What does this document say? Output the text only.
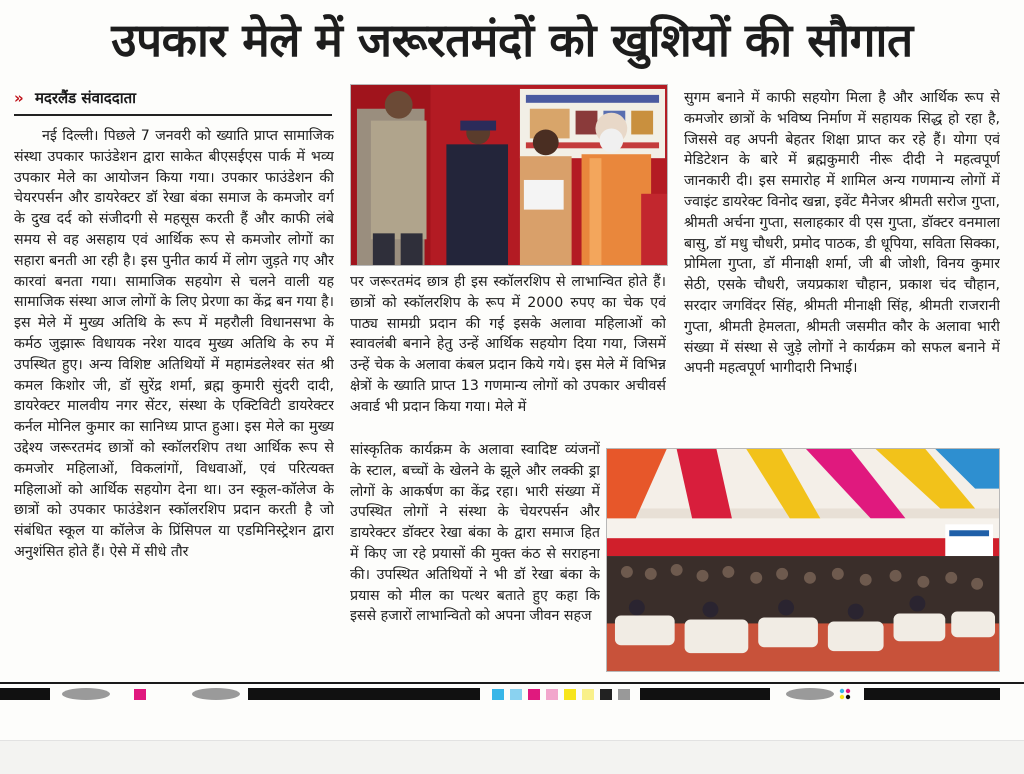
उपकार मेले में जरूरतमंदों को खुशियों की सौगात
» मदरलैंड संवाददाता

नई दिल्ली। पिछले 7 जनवरी को ख्याति प्राप्त सामाजिक संस्था उपकार फाउंडेशन द्वारा साकेत बीएसईएस पार्क में भव्य उपकार मेले का आयोजन किया गया। उपकार फाउंडेशन की चेयरपर्सन और डायरेक्टर डॉ रेखा बंका समाज के कमजोर वर्ग के दुख दर्द को संजीदगी से महसूस करती हैं और काफी लंबे समय से वह असहाय एवं आर्थिक रूप से कमजोर लोगों का सहारा बनती आ रही है। इस पुनीत कार्य में लोग जुड़ते गए और कारवां बनता गया। सामाजिक सहयोग से चलने वाली यह सामाजिक संस्था आज लोगों के लिए प्रेरणा का केंद्र बन गया है। इस मेले में मुख्य अतिथि के रूप में महरौली विधानसभा के कर्मठ जुझारू विधायक नरेश यादव मुख्य अतिथि के रुप में उपस्थित हुए। अन्य विशिष्ट अतिथियों में महामंडलेश्वर संत श्री कमल किशोर जी, डॉ सुरेंद्र शर्मा, ब्रह्म कुमारी सुंदरी दादी, डायरेक्टर मालवीय नगर सेंटर, संस्था के एक्टिविटी डायरेक्टर कर्नल मोनिल कुमार का सानिध्य प्राप्त हुआ। इस मेले का मुख्य उद्देश्य जरूरतमंद छात्रों को स्कॉलरशिप तथा आर्थिक रूप से कमजोर महिलाओं, विकलांगों, विधवाओं, एवं परित्यक्त महिलाओं को आर्थिक सहयोग देना था। उन स्कूल-कॉलेज के छात्रों को उपकार फाउंडेशन स्कॉलरशिप प्रदान करती है जो संबंधित स्कूल या कॉलेज के प्रिंसिपल या एडमिनिस्ट्रेशन द्वारा अनुशंसित होते हैं। ऐसे में सीधे तौर

पर जरूरतमंद छात्र ही इस स्कॉलरशिप से लाभान्वित होते हैं। छात्रों को स्कॉलरशिप के रूप में 2000 रुपए का चेक एवं पाठ्य सामग्री प्रदान की गई इसके अलावा महिलाओं को स्वावलंबी बनाने हेतु उन्हें आर्थिक सहयोग दिया गया, जिसमें उन्हें चेक के अलावा कंबल प्रदान किये गये। इस मेले में विभिन्न क्षेत्रों के ख्याति प्राप्त 13 गणमान्य लोगों को उपकार अचीवर्स अवार्ड भी प्रदान किया गया। मेले में

सांस्कृतिक कार्यक्रम के अलावा स्वादिष्ट व्यंजनों के स्टाल, बच्चों के खेलने के झूले और लक्की ड्रा लोगों के आकर्षण का केंद्र रहा। भारी संख्या में उपस्थित लोगों ने संस्था के चेयरपर्सन और डायरेक्टर डॉक्टर रेखा बंका के द्वारा समाज हित में किए जा रहे प्रयासों की मुक्त कंठ से सराहना की। उपस्थित अतिथियों ने भी डॉ रेखा बंका के प्रयास को मील का पत्थर बताते हुए कहा कि इससे हजारों लाभान्वितो को अपना जीवन सहज

सुगम बनाने में काफी सहयोग मिला है और आर्थिक रूप से कमजोर छात्रों के भविष्य निर्माण में सहायक सिद्ध हो रहा है, जिससे वह अपनी बेहतर शिक्षा प्राप्त कर रहे हैं। योगा एवं मेडिटेशन के बारे में ब्रह्मकुमारी नीरू दीदी ने महत्वपूर्ण जानकारी दी। इस समारोह में शामिल अन्य गणमान्य लोगों में ज्वाइंट डायरेक्ट विनोद खन्ना, इवेंट मैनेजर श्रीमती सरोज गुप्ता, श्रीमती अर्चना गुप्ता, सलाहकार वी एस गुप्ता, डॉक्टर वनमाला बासु, डॉ मधु चौधरी, प्रमोद पाठक, डी धूपिया, सविता सिक्का, प्रोमिला गुप्ता, डॉ मीनाक्षी शर्मा, जी बी जोशी, विनय कुमार सेठी, एसके चौधरी, जयप्रकाश चौहान, प्रकाश चंद चौहान, सरदार जगविंदर सिंह, श्रीमती मीनाक्षी सिंह, श्रीमती राजरानी गुप्ता, श्रीमती हेमलता, श्रीमती जसमीत कौर के अलावा भारी संख्या में संस्था से जुड़े लोगों ने कार्यक्रम को सफल बनाने में अपनी महत्वपूर्ण भागीदारी निभाई।
